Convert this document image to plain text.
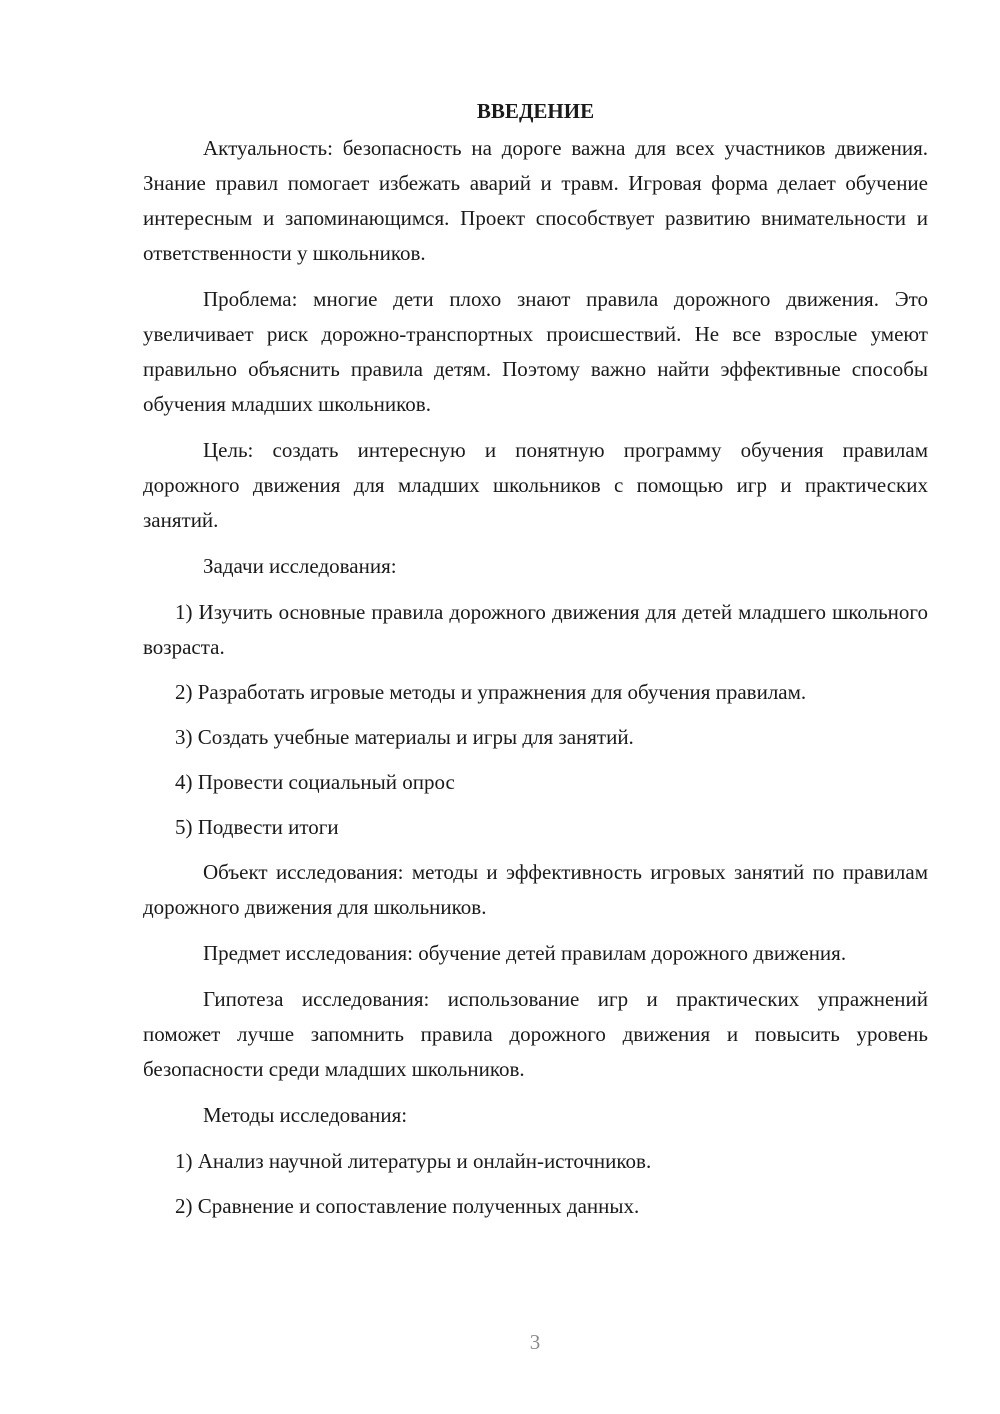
ВВЕДЕНИЕ

Актуальность: безопасность на дороге важна для всех участников движения. Знание правил помогает избежать аварий и травм. Игровая форма делает обучение интересным и запоминающимся. Проект способствует развитию внимательности и ответственности у школьников.

Проблема: многие дети плохо знают правила дорожного движения. Это увеличивает риск дорожно-транспортных происшествий. Не все взрослые умеют правильно объяснить правила детям. Поэтому важно найти эффективные способы обучения младших школьников.

Цель: создать интересную и понятную программу обучения правилам дорожного движения для младших школьников с помощью игр и практических занятий.

Задачи исследования:

1) Изучить основные правила дорожного движения для детей младшего школьного возраста.

2) Разработать игровые методы и упражнения для обучения правилам.

3) Создать учебные материалы и игры для занятий.

4) Провести социальный опрос

5) Подвести итоги

Объект исследования: методы и эффективность игровых занятий по правилам дорожного движения для школьников.

Предмет исследования: обучение детей правилам дорожного движения.

Гипотеза исследования: использование игр и практических упражнений поможет лучше запомнить правила дорожного движения и повысить уровень безопасности среди младших школьников.

Методы исследования:

1) Анализ научной литературы и онлайн-источников.

2) Сравнение и сопоставление полученных данных.

3
